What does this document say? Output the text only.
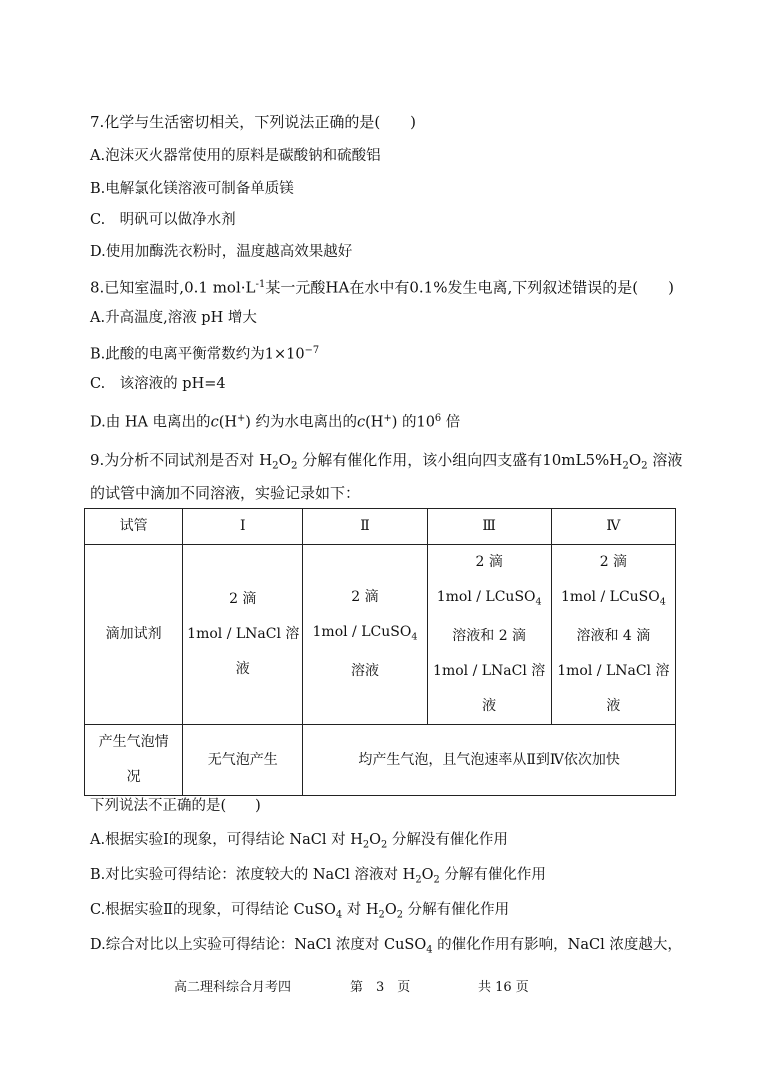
7.化学与生活密切相关，下列说法正确的是(　　)
A.泡沫灭火器常使用的原料是碳酸钠和硫酸铝
B.电解氯化镁溶液可制备单质镁
C.　明矾可以做净水剂
D.使用加酶洗衣粉时，温度越高效果越好
8.已知室温时,0.1 $mol\cdot L^{-1}$某一元酸HA在水中有0.1%发生电离,下列叙述错误的是(　　)
A.升高温度,溶液 pH 增大
B.此酸的电离平衡常数约为$1\times 10^{-7}$
C.　该溶液的 pH=4
D.由 HA 电离出的c(H+) 约为水电离出的c(H+) 的$10^6$ 倍
9.为分析不同试剂是否对 $H_2O_2$ 分解有催化作用，该小组向四支盛有$10mL5\%H_2O_2$ 溶液
的试管中滴加不同溶液，实验记录如下：
试管	Ⅰ	Ⅱ	Ⅲ	Ⅳ
滴加试剂	2 滴
1mol / LNaCl 溶
液	2 滴
1mol / LCuSO$_4$
溶液	2 滴
1mol / LCuSO$_4$
溶液和 2 滴
1mol / LNaCl 溶
液	2 滴
1mol / LCuSO$_4$
溶液和 4 滴
1mol / LNaCl 溶
液

产生气泡情
况	无气泡产生	均产生气泡，且气泡速率从Ⅱ到Ⅳ依次加快		
下列说法不正确的是(　　)
A.根据实验Ⅰ的现象，可得结论 NaCl 对 $H_2O_2$ 分解没有催化作用
B.对比实验可得结论：浓度较大的 NaCl 溶液对 $H_2O_2$ 分解有催化作用
C.根据实验Ⅱ的现象，可得结论 CuSO$_4$ 对 $H_2O_2$ 分解有催化作用
D.综合对比以上实验可得结论：NaCl 浓度对 CuSO$_4$ 的催化作用有影响，NaCl 浓度越大，
高二理科综合月考四	第　3　页	共 16 页
